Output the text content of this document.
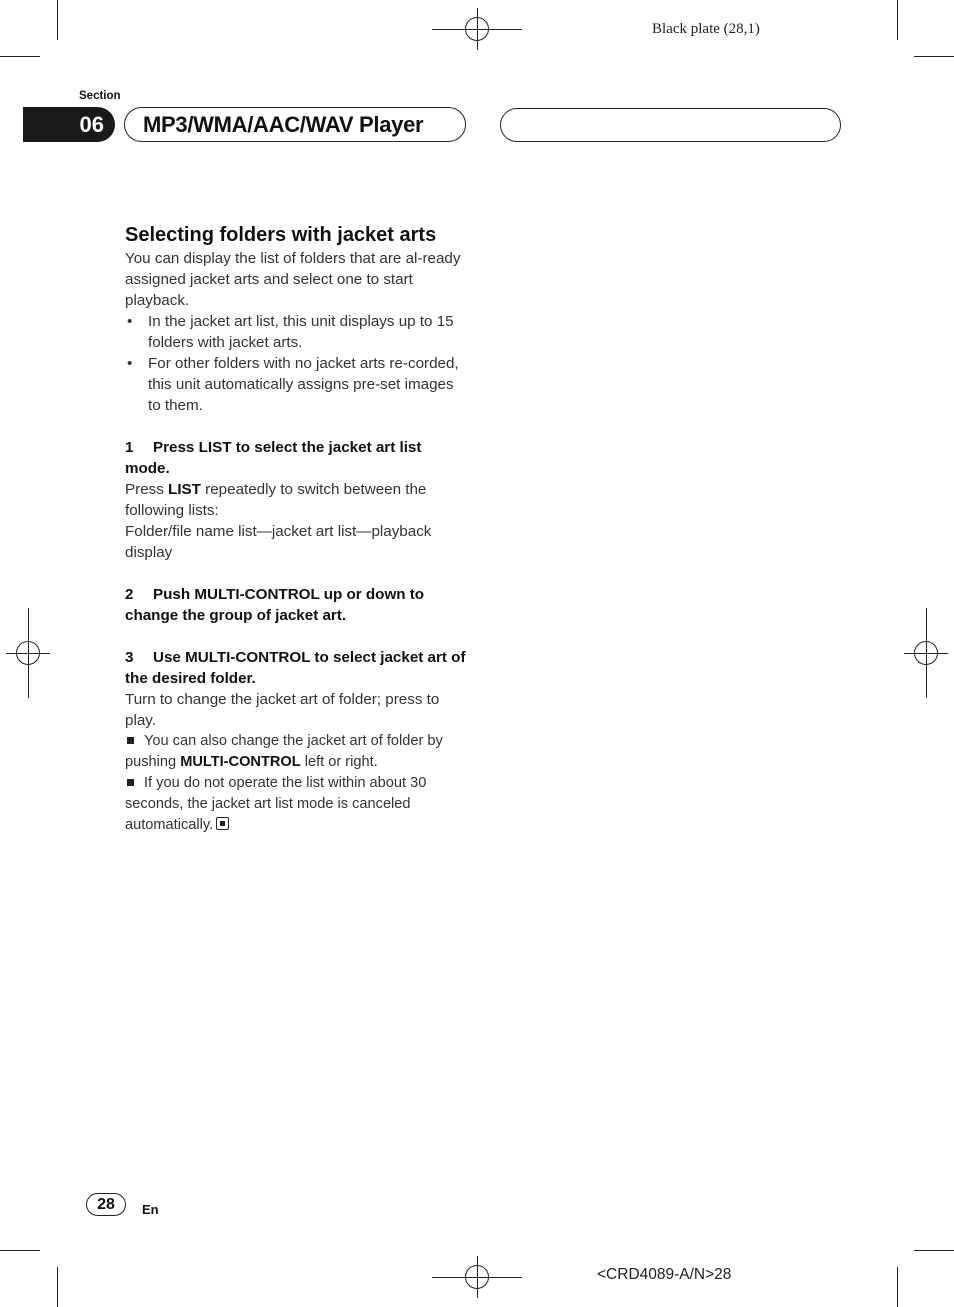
Black plate (28,1)
Section
06 MP3/WMA/AAC/WAV Player

Selecting folders with jacket arts

You can display the list of folders that are al-ready assigned jacket arts and select one to start playback.

•	In the jacket art list, this unit displays up to 15 folders with jacket arts.
•	For other folders with no jacket arts re-corded, this unit automatically assigns pre-set images to them.

1 Press LIST to select the jacket art list mode.

Press LIST repeatedly to switch between the following lists:

Folder/file name list—jacket art list—playback display

2 Push MULTI-CONTROL up or down to change the group of jacket art.

3 Use MULTI-CONTROL to select jacket art of the desired folder.

Turn to change the jacket art of folder; press to play.

You can also change the jacket art of folder by pushing MULTI-CONTROL left or right.

If you do not operate the list within about 30 seconds, the jacket art list mode is canceled automatically.

28 En
<CRD4089-A/N>28
